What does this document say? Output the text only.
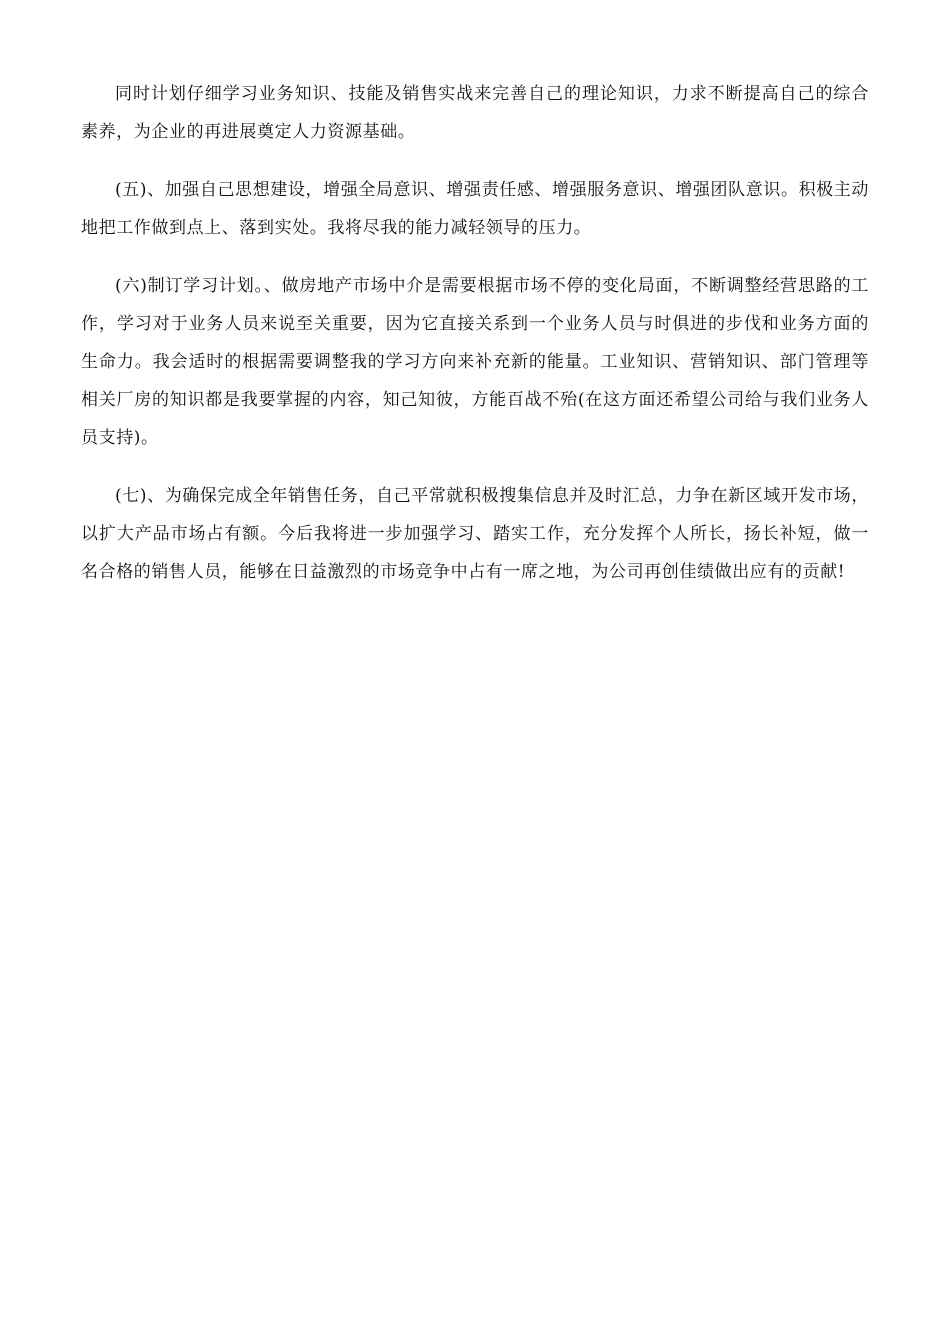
同时计划仔细学习业务知识、技能及销售实战来完善自己的理论知识，力求不断提高自己的综合素养，为企业的再进展奠定人力资源基础。

(五)、加强自己思想建设，增强全局意识、增强责任感、增强服务意识、增强团队意识。积极主动地把工作做到点上、落到实处。我将尽我的能力减轻领导的压力。

(六)制订学习计划。、做房地产市场中介是需要根据市场不停的变化局面，不断调整经营思路的工作，学习对于业务人员来说至关重要，因为它直接关系到一个业务人员与时俱进的步伐和业务方面的生命力。我会适时的根据需要调整我的学习方向来补充新的能量。工业知识、营销知识、部门管理等相关厂房的知识都是我要掌握的内容，知己知彼，方能百战不殆(在这方面还希望公司给与我们业务人员支持)。

(七)、为确保完成全年销售任务，自己平常就积极搜集信息并及时汇总，力争在新区域开发市场，以扩大产品市场占有额。今后我将进一步加强学习、踏实工作，充分发挥个人所长，扬长补短，做一名合格的销售人员，能够在日益激烈的市场竞争中占有一席之地，为公司再创佳绩做出应有的贡献!
